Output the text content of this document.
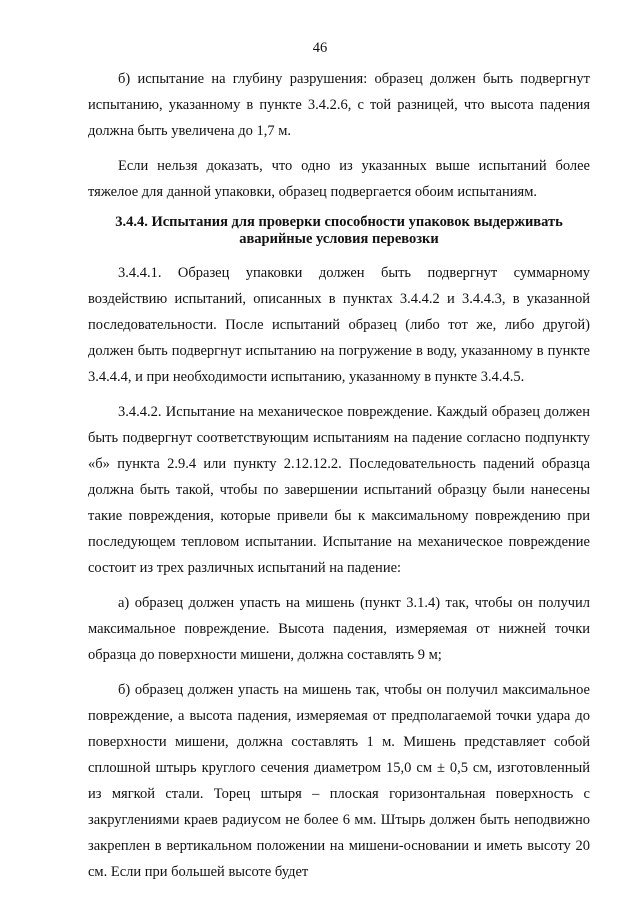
46

б) испытание на глубину разрушения: образец должен быть подвергнут испытанию, указанному в пункте 3.4.2.6, с той разницей, что высота падения должна быть увеличена до 1,7 м.

Если нельзя доказать, что одно из указанных выше испытаний более тяжелое для данной упаковки, образец подвергается обоим испытаниям.

3.4.4. Испытания для проверки способности упаковок выдерживать аварийные условия перевозки

3.4.4.1. Образец упаковки должен быть подвергнут суммарному воздействию испытаний, описанных в пунктах 3.4.4.2 и 3.4.4.3, в указанной последовательности. После испытаний образец (либо тот же, либо другой) должен быть подвергнут испытанию на погружение в воду, указанному в пункте 3.4.4.4, и при необходимости испытанию, указанному в пункте 3.4.4.5.

3.4.4.2. Испытание на механическое повреждение. Каждый образец должен быть подвергнут соответствующим испытаниям на падение согласно подпункту «б» пункта 2.9.4 или пункту 2.12.12.2. Последовательность падений образца должна быть такой, чтобы по завершении испытаний образцу были нанесены такие повреждения, которые привели бы к максимальному повреждению при последующем тепловом испытании. Испытание на механическое повреждение состоит из трех различных испытаний на падение:

а) образец должен упасть на мишень (пункт 3.1.4) так, чтобы он получил максимальное повреждение. Высота падения, измеряемая от нижней точки образца до поверхности мишени, должна составлять 9 м;

б) образец должен упасть на мишень так, чтобы он получил максимальное повреждение, а высота падения, измеряемая от предполагаемой точки удара до поверхности мишени, должна составлять 1 м. Мишень представляет собой сплошной штырь круглого сечения диаметром 15,0 см ± 0,5 см, изготовленный из мягкой стали. Торец штыря – плоская горизонтальная поверхность с закруглениями краев радиусом не более 6 мм. Штырь должен быть неподвижно закреплен в вертикальном положении на мишени-основании и иметь высоту 20 см. Если при большей высоте будет
